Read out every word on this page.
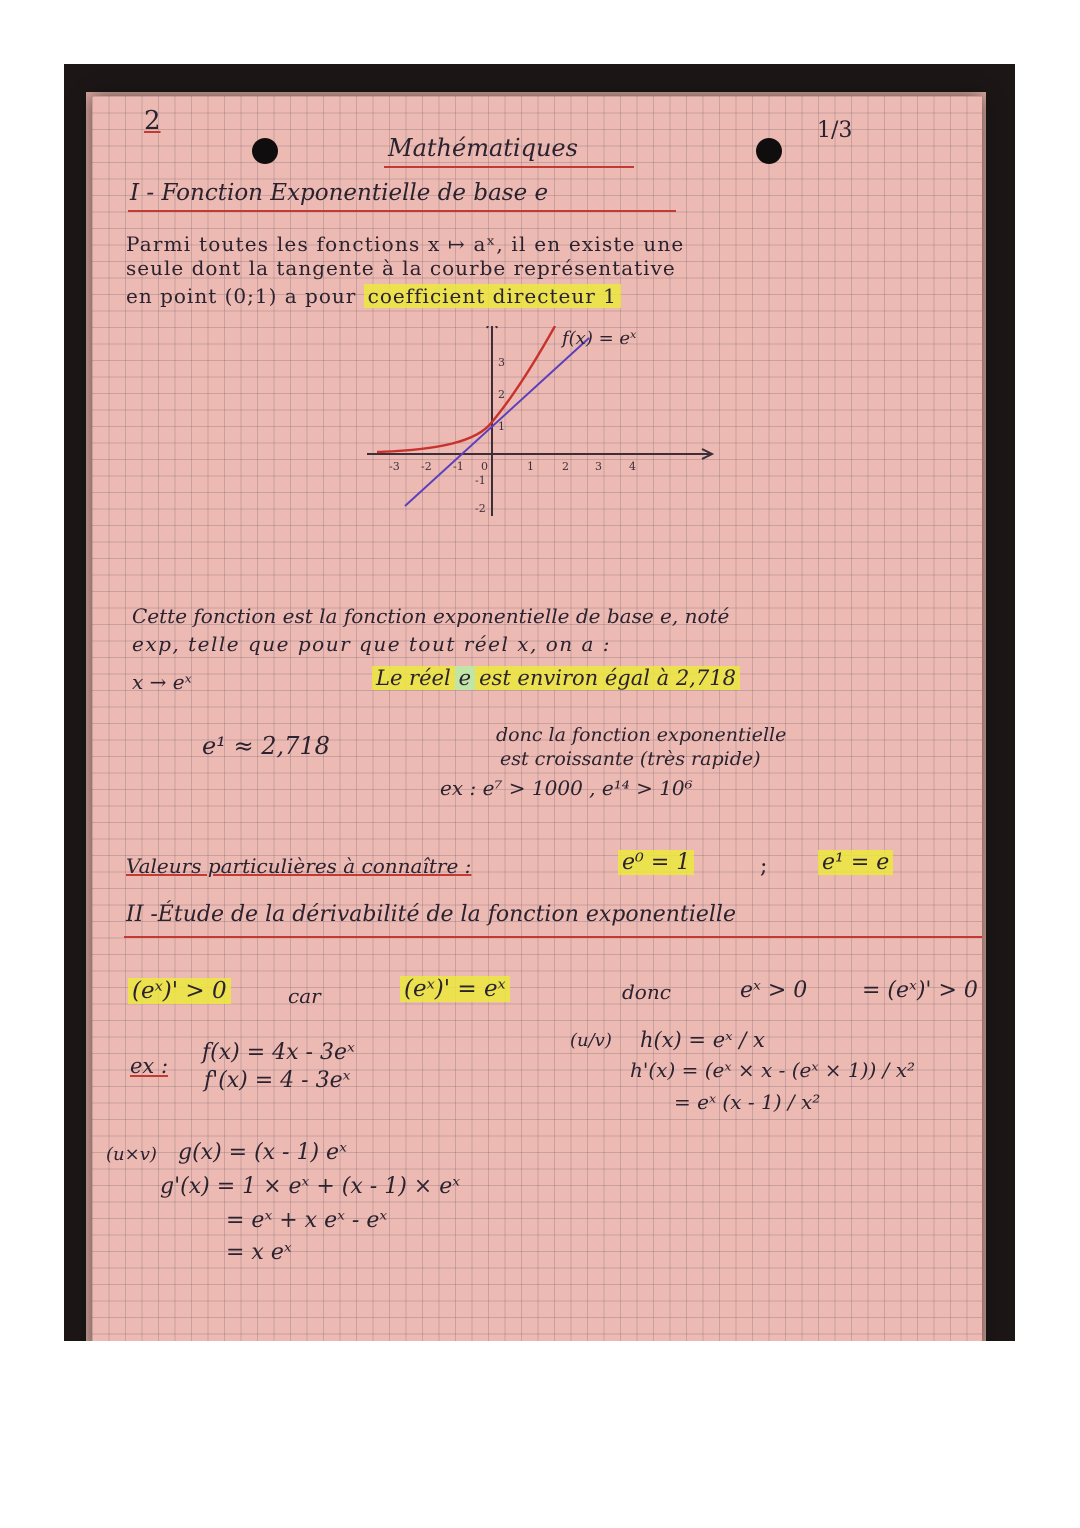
2	1/3
Mathématiques
I - Fonction Exponentielle de base e
Parmi toutes les fonctions x ↦ aˣ, il en existe une
seule dont la tangente à la courbe représentative
en point (0;1) a pour coefficient directeur 1
-3 -2 -1 0	1	2 3 4
3
2
1
-1
-2
f(x) = eˣ
Cette fonction est la fonction exponentielle de base e, noté
exp, telle que pour que tout réel x, on a :
x → eˣ	Le réel e est environ égal à 2,718
e¹ ≈ 2,718	donc la fonction exponentielle
est croissante (très rapide)
ex : e⁷ > 1000 , e¹⁴ > 10⁶
Valeurs particulières à connaître :	e⁰ = 1	; e¹ = e
II -Étude de la dérivabilité de la fonction exponentielle
(eˣ)' > 0	car	(eˣ)' = eˣ	donc	eˣ > 0 = (eˣ)' > 0
ex :
f(x) = 4x - 3eˣ
f'(x) = 4 - 3eˣ
(u/v) h(x) = eˣ / x
h'(x) = (eˣ × x - (eˣ × 1)) / x²
= eˣ (x - 1) / x²
(u×v) g(x) = (x - 1) eˣ
g'(x) = 1 × eˣ + (x - 1) × eˣ
= eˣ + x eˣ - eˣ
= x eˣ
